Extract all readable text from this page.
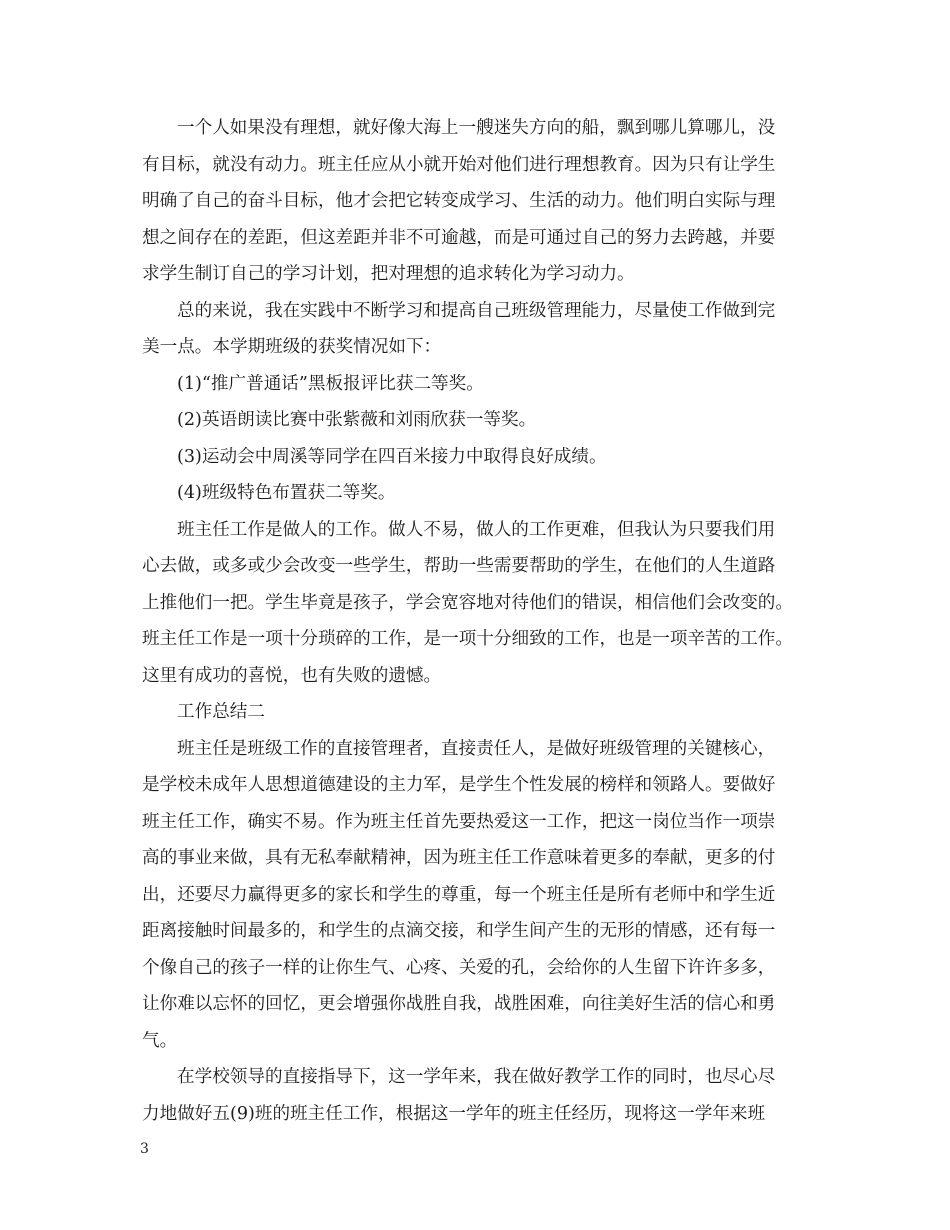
一个人如果没有理想，就好像大海上一艘迷失方向的船，飘到哪儿算哪儿，没
有目标，就没有动力。班主任应从小就开始对他们进行理想教育。因为只有让学生
明确了自己的奋斗目标，他才会把它转变成学习、生活的动力。他们明白实际与理
想之间存在的差距，但这差距并非不可逾越，而是可通过自己的努力去跨越，并要
求学生制订自己的学习计划，把对理想的追求转化为学习动力。
总的来说，我在实践中不断学习和提高自己班级管理能力，尽量使工作做到完
美一点。本学期班级的获奖情况如下：
(1)“推广普通话”黑板报评比获二等奖。
(2)英语朗读比赛中张紫薇和刘雨欣获一等奖。
(3)运动会中周溪等同学在四百米接力中取得良好成绩。
(4)班级特色布置获二等奖。
班主任工作是做人的工作。做人不易，做人的工作更难，但我认为只要我们用
心去做，或多或少会改变一些学生，帮助一些需要帮助的学生，在他们的人生道路
上推他们一把。学生毕竟是孩子，学会宽容地对待他们的错误，相信他们会改变的。
班主任工作是一项十分琐碎的工作，是一项十分细致的工作，也是一项辛苦的工作。
这里有成功的喜悦，也有失败的遗憾。
工作总结二
班主任是班级工作的直接管理者，直接责任人，是做好班级管理的关键核心，
是学校未成年人思想道德建设的主力军，是学生个性发展的榜样和领路人。要做好
班主任工作，确实不易。作为班主任首先要热爱这一工作，把这一岗位当作一项崇
高的事业来做，具有无私奉献精神，因为班主任工作意味着更多的奉献，更多的付
出，还要尽力赢得更多的家长和学生的尊重，每一个班主任是所有老师中和学生近
距离接触时间最多的，和学生的点滴交接，和学生间产生的无形的情感，还有每一
个像自己的孩子一样的让你生气、心疼、关爱的孔，会给你的人生留下许许多多，
让你难以忘怀的回忆，更会增强你战胜自我，战胜困难，向往美好生活的信心和勇
气。
在学校领导的直接指导下，这一学年来，我在做好教学工作的同时，也尽心尽
力地做好五(9)班的班主任工作，根据这一学年的班主任经历，现将这一学年来班
3
